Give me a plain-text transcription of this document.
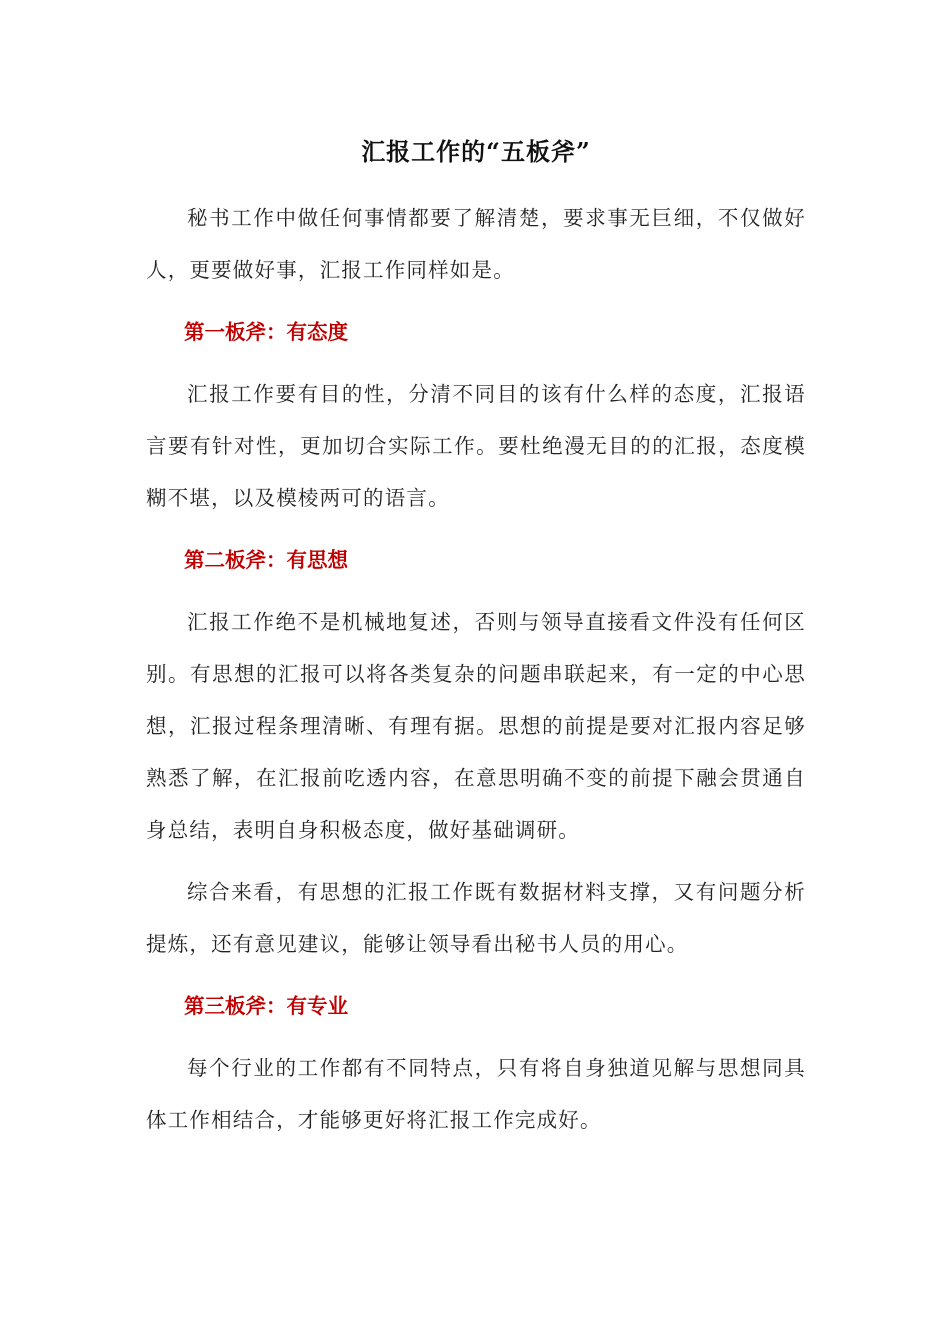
汇报工作的“五板斧”

秘书工作中做任何事情都要了解清楚，要求事无巨细，不仅做好人，更要做好事，汇报工作同样如是。

第一板斧：有态度

汇报工作要有目的性，分清不同目的该有什么样的态度，汇报语言要有针对性，更加切合实际工作。要杜绝漫无目的的汇报，态度模糊不堪，以及模棱两可的语言。

第二板斧：有思想

汇报工作绝不是机械地复述，否则与领导直接看文件没有任何区别。有思想的汇报可以将各类复杂的问题串联起来，有一定的中心思想，汇报过程条理清晰、有理有据。思想的前提是要对汇报内容足够熟悉了解，在汇报前吃透内容，在意思明确不变的前提下融会贯通自身总结，表明自身积极态度，做好基础调研。

综合来看，有思想的汇报工作既有数据材料支撑，又有问题分析提炼，还有意见建议，能够让领导看出秘书人员的用心。

第三板斧：有专业

每个行业的工作都有不同特点，只有将自身独道见解与思想同具体工作相结合，才能够更好将汇报工作完成好。
